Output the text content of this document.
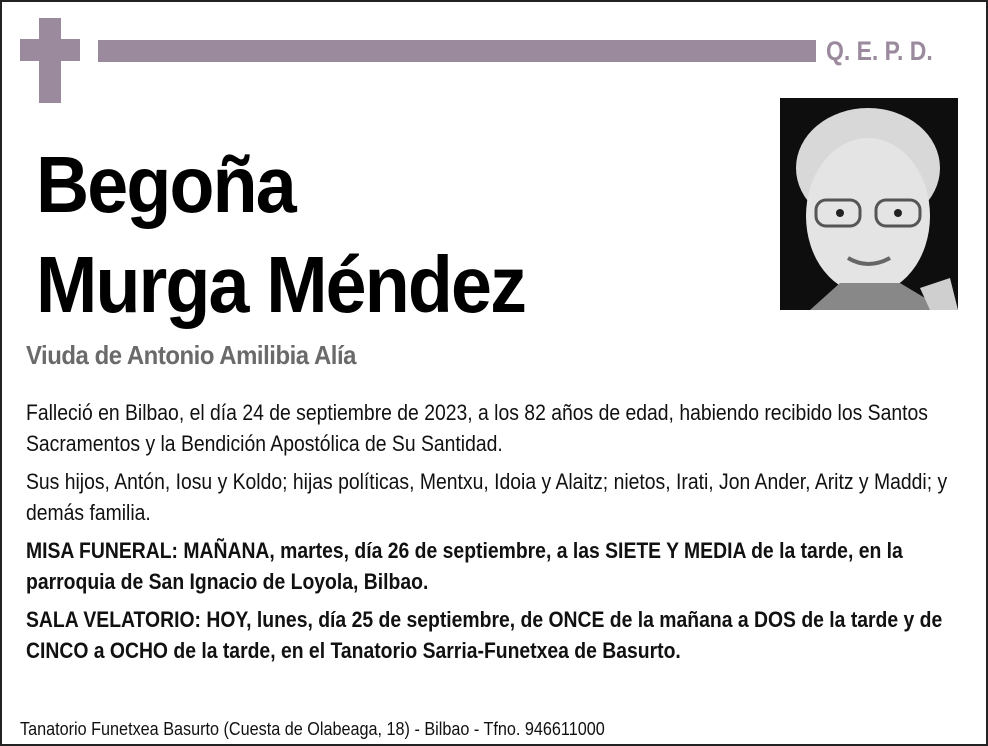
Q. E. P. D.
Begoña
Murga Méndez
Viuda de Antonio Amilibia Alía

Falleció en Bilbao, el día 24 de septiembre de 2023, a los 82 años de edad, habiendo recibido los Santos Sacramentos y la Bendición Apostólica de Su Santidad.

Sus hijos, Antón, Iosu y Koldo; hijas políticas, Mentxu, Idoia y Alaitz; nietos, Irati, Jon Ander, Aritz y Maddi; y demás familia.

MISA FUNERAL: MAÑANA, martes, día 26 de septiembre, a las SIETE Y MEDIA de la tarde, en la parroquia de San Ignacio de Loyola, Bilbao.

SALA VELATORIO: HOY, lunes, día 25 de septiembre, de ONCE de la mañana a DOS de la tarde y de CINCO a OCHO de la tarde, en el Tanatorio Sarria-Funetxea de Basurto.

Tanatorio Funetxea Basurto (Cuesta de Olabeaga, 18) - Bilbao - Tfno. 946611000
